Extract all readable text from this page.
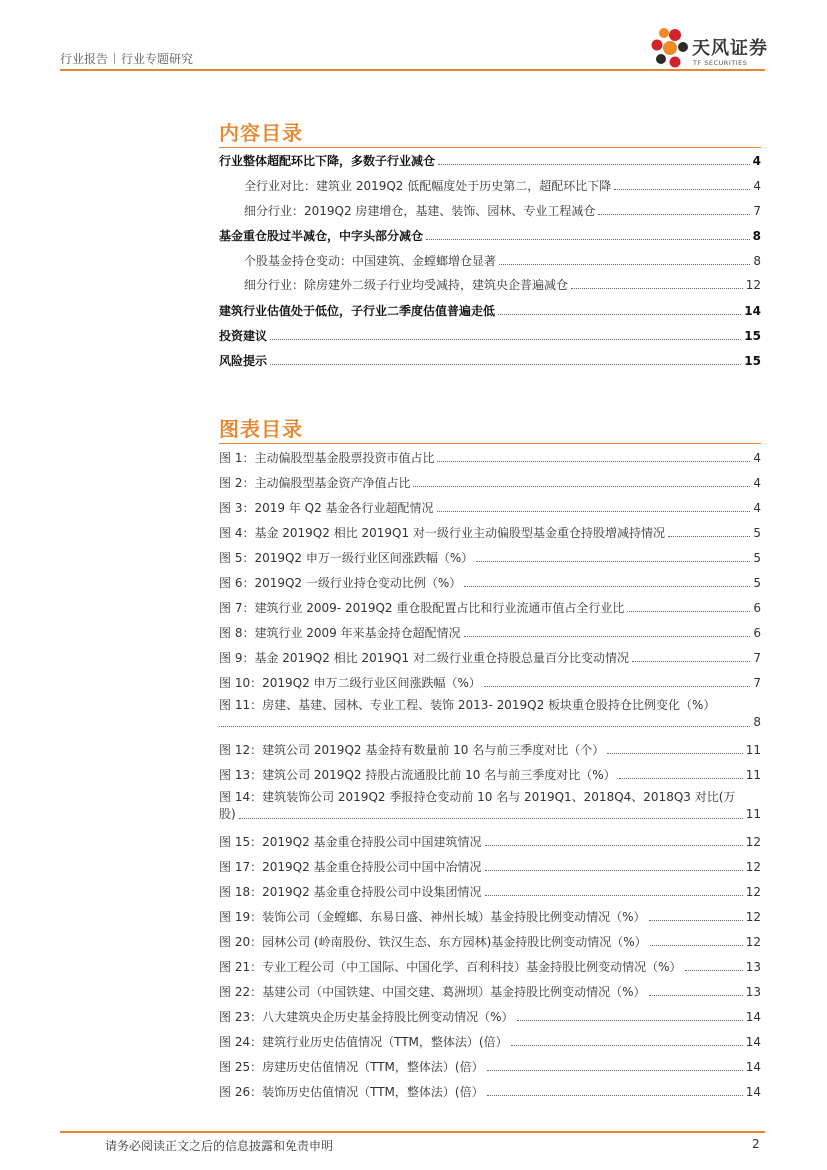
行业报告 行业专题研究	天风证券
TF SECURITIES
内容目录
行业整体超配环比下降，多数子行业减仓	4
全行业对比：建筑业 2019Q2 低配幅度处于历史第二，超配环比下降	4
细分行业：2019Q2 房建增仓，基建、装饰、园林、专业工程减仓	7
基金重仓股过半减仓，中字头部分减仓	8
个股基金持仓变动：中国建筑、金螳螂增仓显著	8
细分行业：除房建外二级子行业均受减持，建筑央企普遍减仓	12
建筑行业估值处于低位，子行业二季度估值普遍走低	14
投资建议	15
风险提示	15
图表目录
图 1：主动偏股型基金股票投资市值占比	4
图 2：主动偏股型基金资产净值占比	4
图 3：2019 年 Q2 基金各行业超配情况	4
图 4：基金 2019Q2 相比 2019Q1 对一级行业主动偏股型基金重仓持股增减持情况	5
图 5：2019Q2 申万一级行业区间涨跌幅（%）	5
图 6：2019Q2 一级行业持仓变动比例（%）	5
图 7：建筑行业 2009- 2019Q2 重仓股配置占比和行业流通市值占全行业比	6
图 8：建筑行业 2009 年来基金持仓超配情况	6
图 9：基金 2019Q2 相比 2019Q1 对二级行业重仓持股总量百分比变动情况	7
图 10：2019Q2 申万二级行业区间涨跌幅（%）	7
图 11：房建、基建、园林、专业工程、装饰 2013- 2019Q2 板块重仓股持仓比例变化（%）
8
图 12：建筑公司 2019Q2 基金持有数量前 10 名与前三季度对比（个）	11
图 13：建筑公司 2019Q2 持股占流通股比前 10 名与前三季度对比（%）	11
图 14：建筑装饰公司 2019Q2 季报持仓变动前 10 名与 2019Q1、2018Q4、2018Q3 对比(万
股)	11
图 15：2019Q2 基金重仓持股公司中国建筑情况	12
图 17：2019Q2 基金重仓持股公司中国中冶情况	12
图 18：2019Q2 基金重仓持股公司中设集团情况	12
图 19：装饰公司（金螳螂、东易日盛、神州长城）基金持股比例变动情况（%）	12
图 20：园林公司 (岭南股份、铁汉生态、东方园林)基金持股比例变动情况（%）	12
图 21：专业工程公司（中工国际、中国化学、百利科技）基金持股比例变动情况（%）	13
图 22：基建公司（中国铁建、中国交建、葛洲坝）基金持股比例变动情况（%）	13
图 23：八大建筑央企历史基金持股比例变动情况（%）	14
图 24：建筑行业历史估值情况（TTM，整体法）(倍）	14
图 25：房建历史估值情况（TTM，整体法）(倍）	14
图 26：装饰历史估值情况（TTM，整体法）(倍）	14
请务必阅读正文之后的信息披露和免责申明	2
